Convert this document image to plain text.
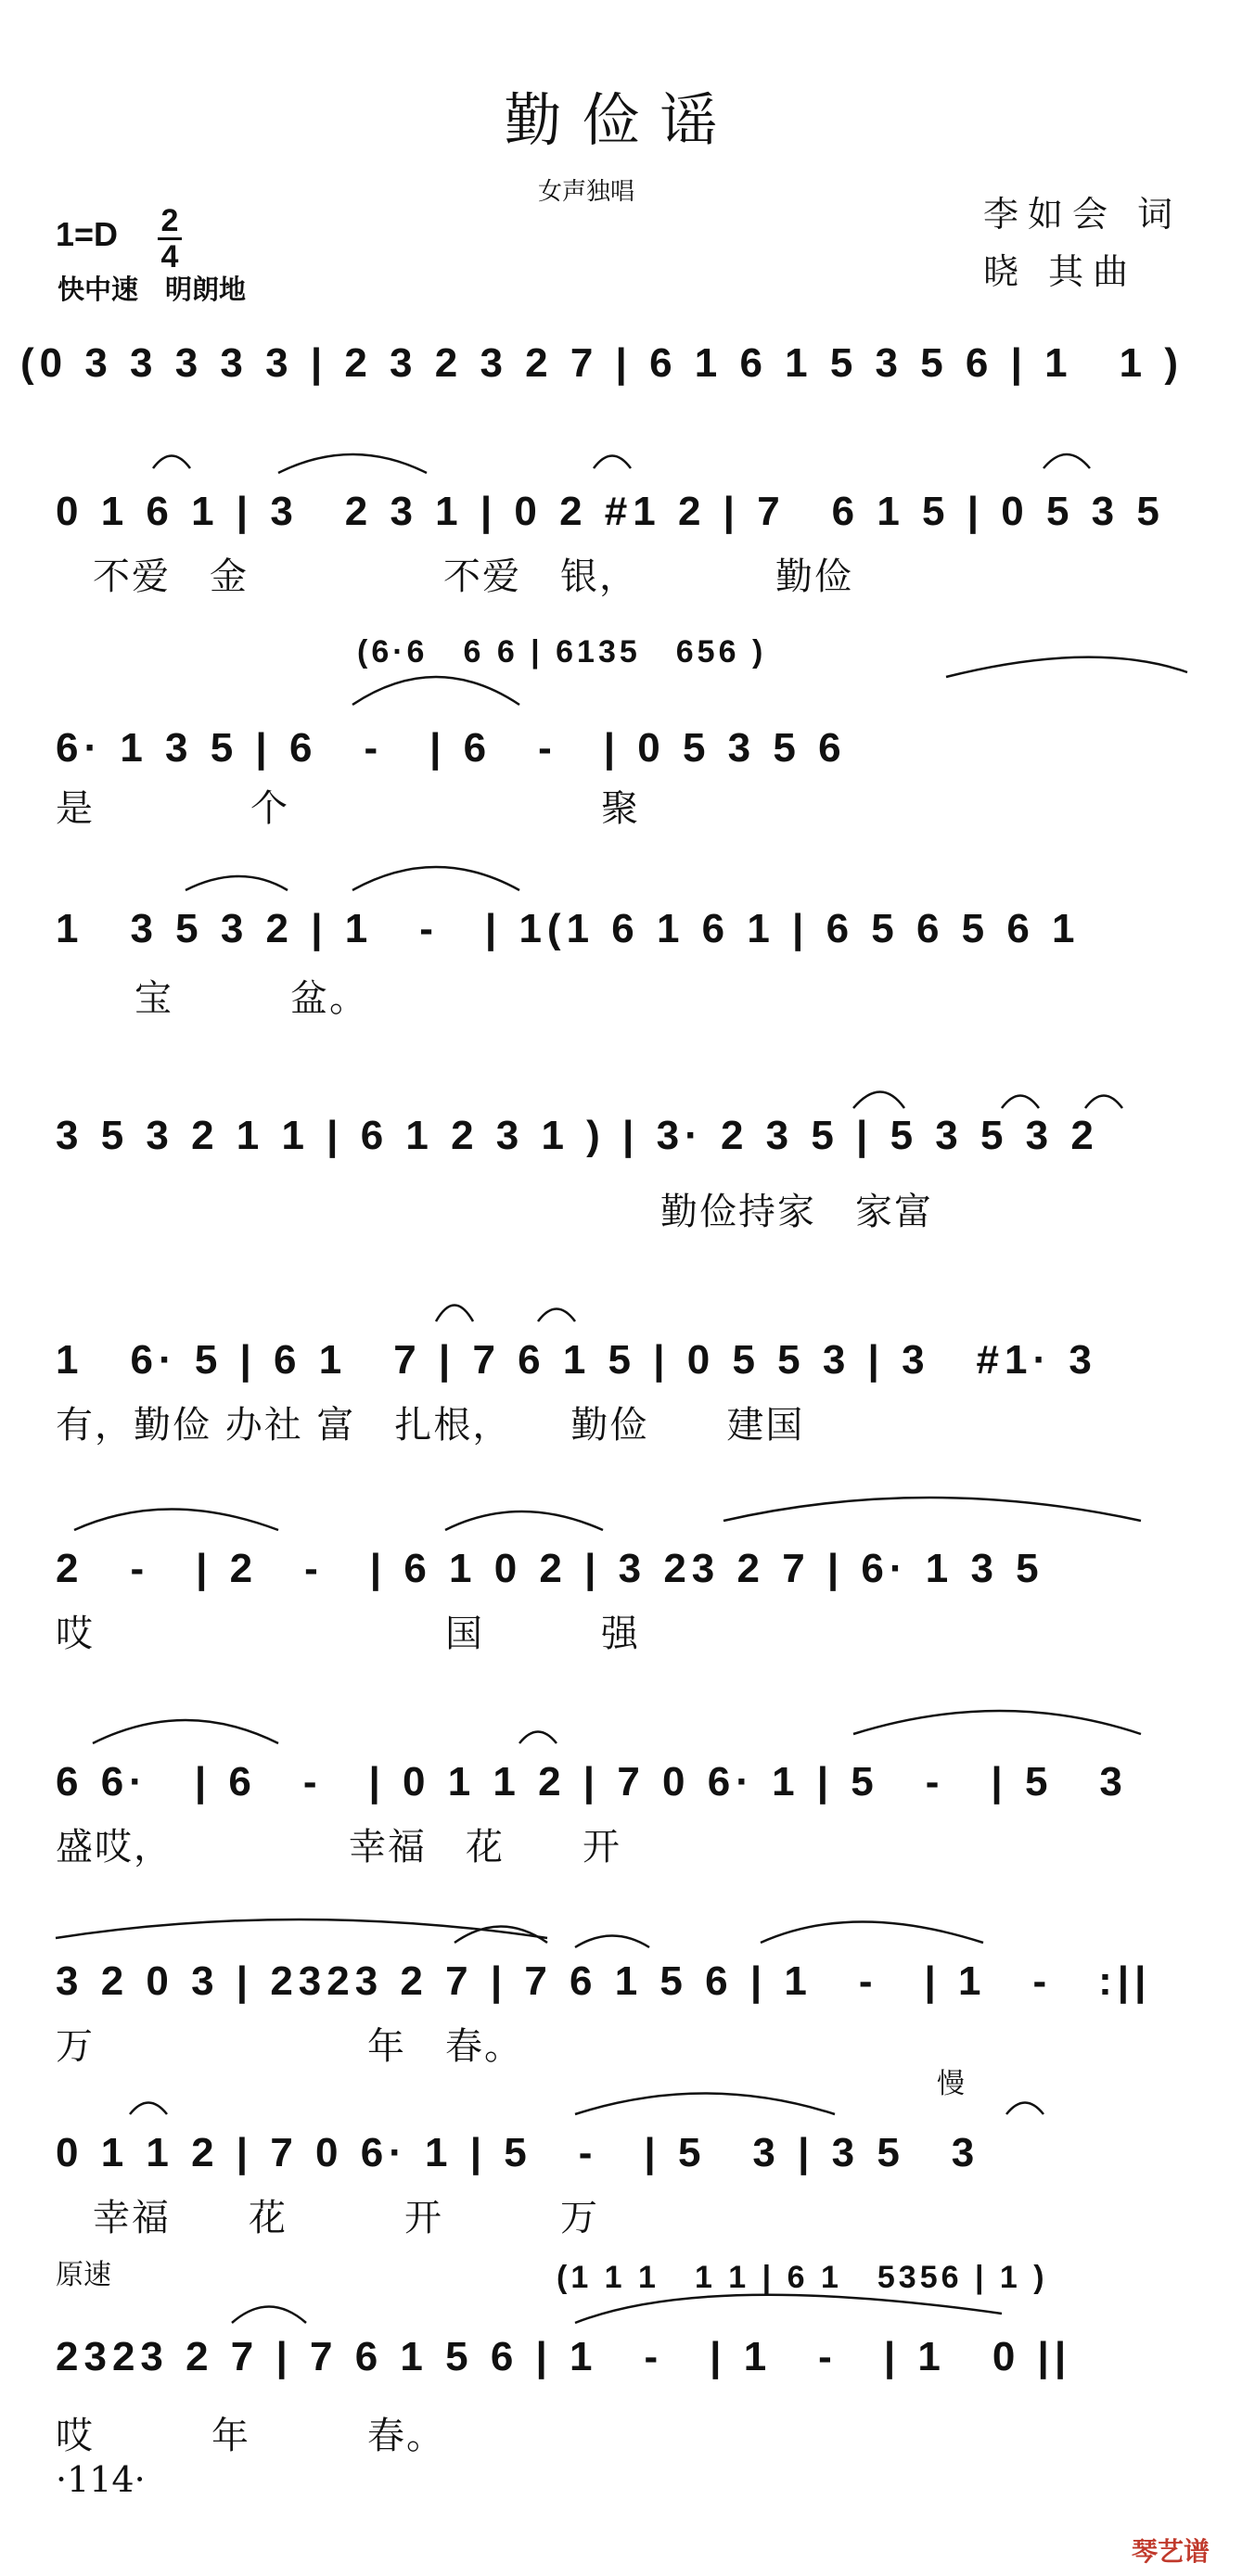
勤俭谣
女声独唱
李如会 词
晓 其曲
1=D 2
4
快中速　明朗地
(0 3 3 3 3 3 | 2 3 2 3 2 7 | 6 1 6 1 5 3 5 6 | 1　1 )
0 1 6 1 | 3　2 3 1 | 0 2 #1 2 | 7　6 1 5 | 0 5 3 5
不爱　金　　　　　不爱　银，　　　　勤俭
(6·6　6 6 | 6135　656 )
6· 1 3 5 | 6　-　| 6　-　| 0 5 3 5 6
是　　　　个　　　　　　　　聚
1　3 5 3 2 | 1　-　| 1(1 6 1 6 1 | 6 5 6 5 6 1
宝　　　盆。
3 5 3 2 1 1 | 6 1 2 3 1 ) | 3· 2 3 5 | 5 3 5 3 2
勤俭持家　家富
1　6· 5 | 6 1　7 | 7 6 1 5 | 0 5 5 3 | 3　#1· 3
有，勤俭 办社 富　扎根，　　勤俭　　建国
2　-　| 2　-　| 6 1 0 2 | 3 23 2 7 | 6· 1 3 5
哎　　　　　　　　　国　　　强
6 6·　| 6　-　| 0 1 1 2 | 7 0 6· 1 | 5　-　| 5　3
盛哎，　　　　　幸福　花　　开
3 2 0 3 | 2323 2 7 | 7 6 1 5 6 | 1　-　| 1　-　:||
万　　　　　　　年　春。
慢
0 1 1 2 | 7 0 6· 1 | 5　-　| 5　3 | 3 5　3
幸福　　花　　　开　　　万
原速	(1 1 1　1 1 | 6 1　5356 | 1 )
2323 2 7 | 7 6 1 5 6 | 1　-　| 1　-　| 1　0 ||
哎　　　年　　　春。
·114·
琴艺谱
